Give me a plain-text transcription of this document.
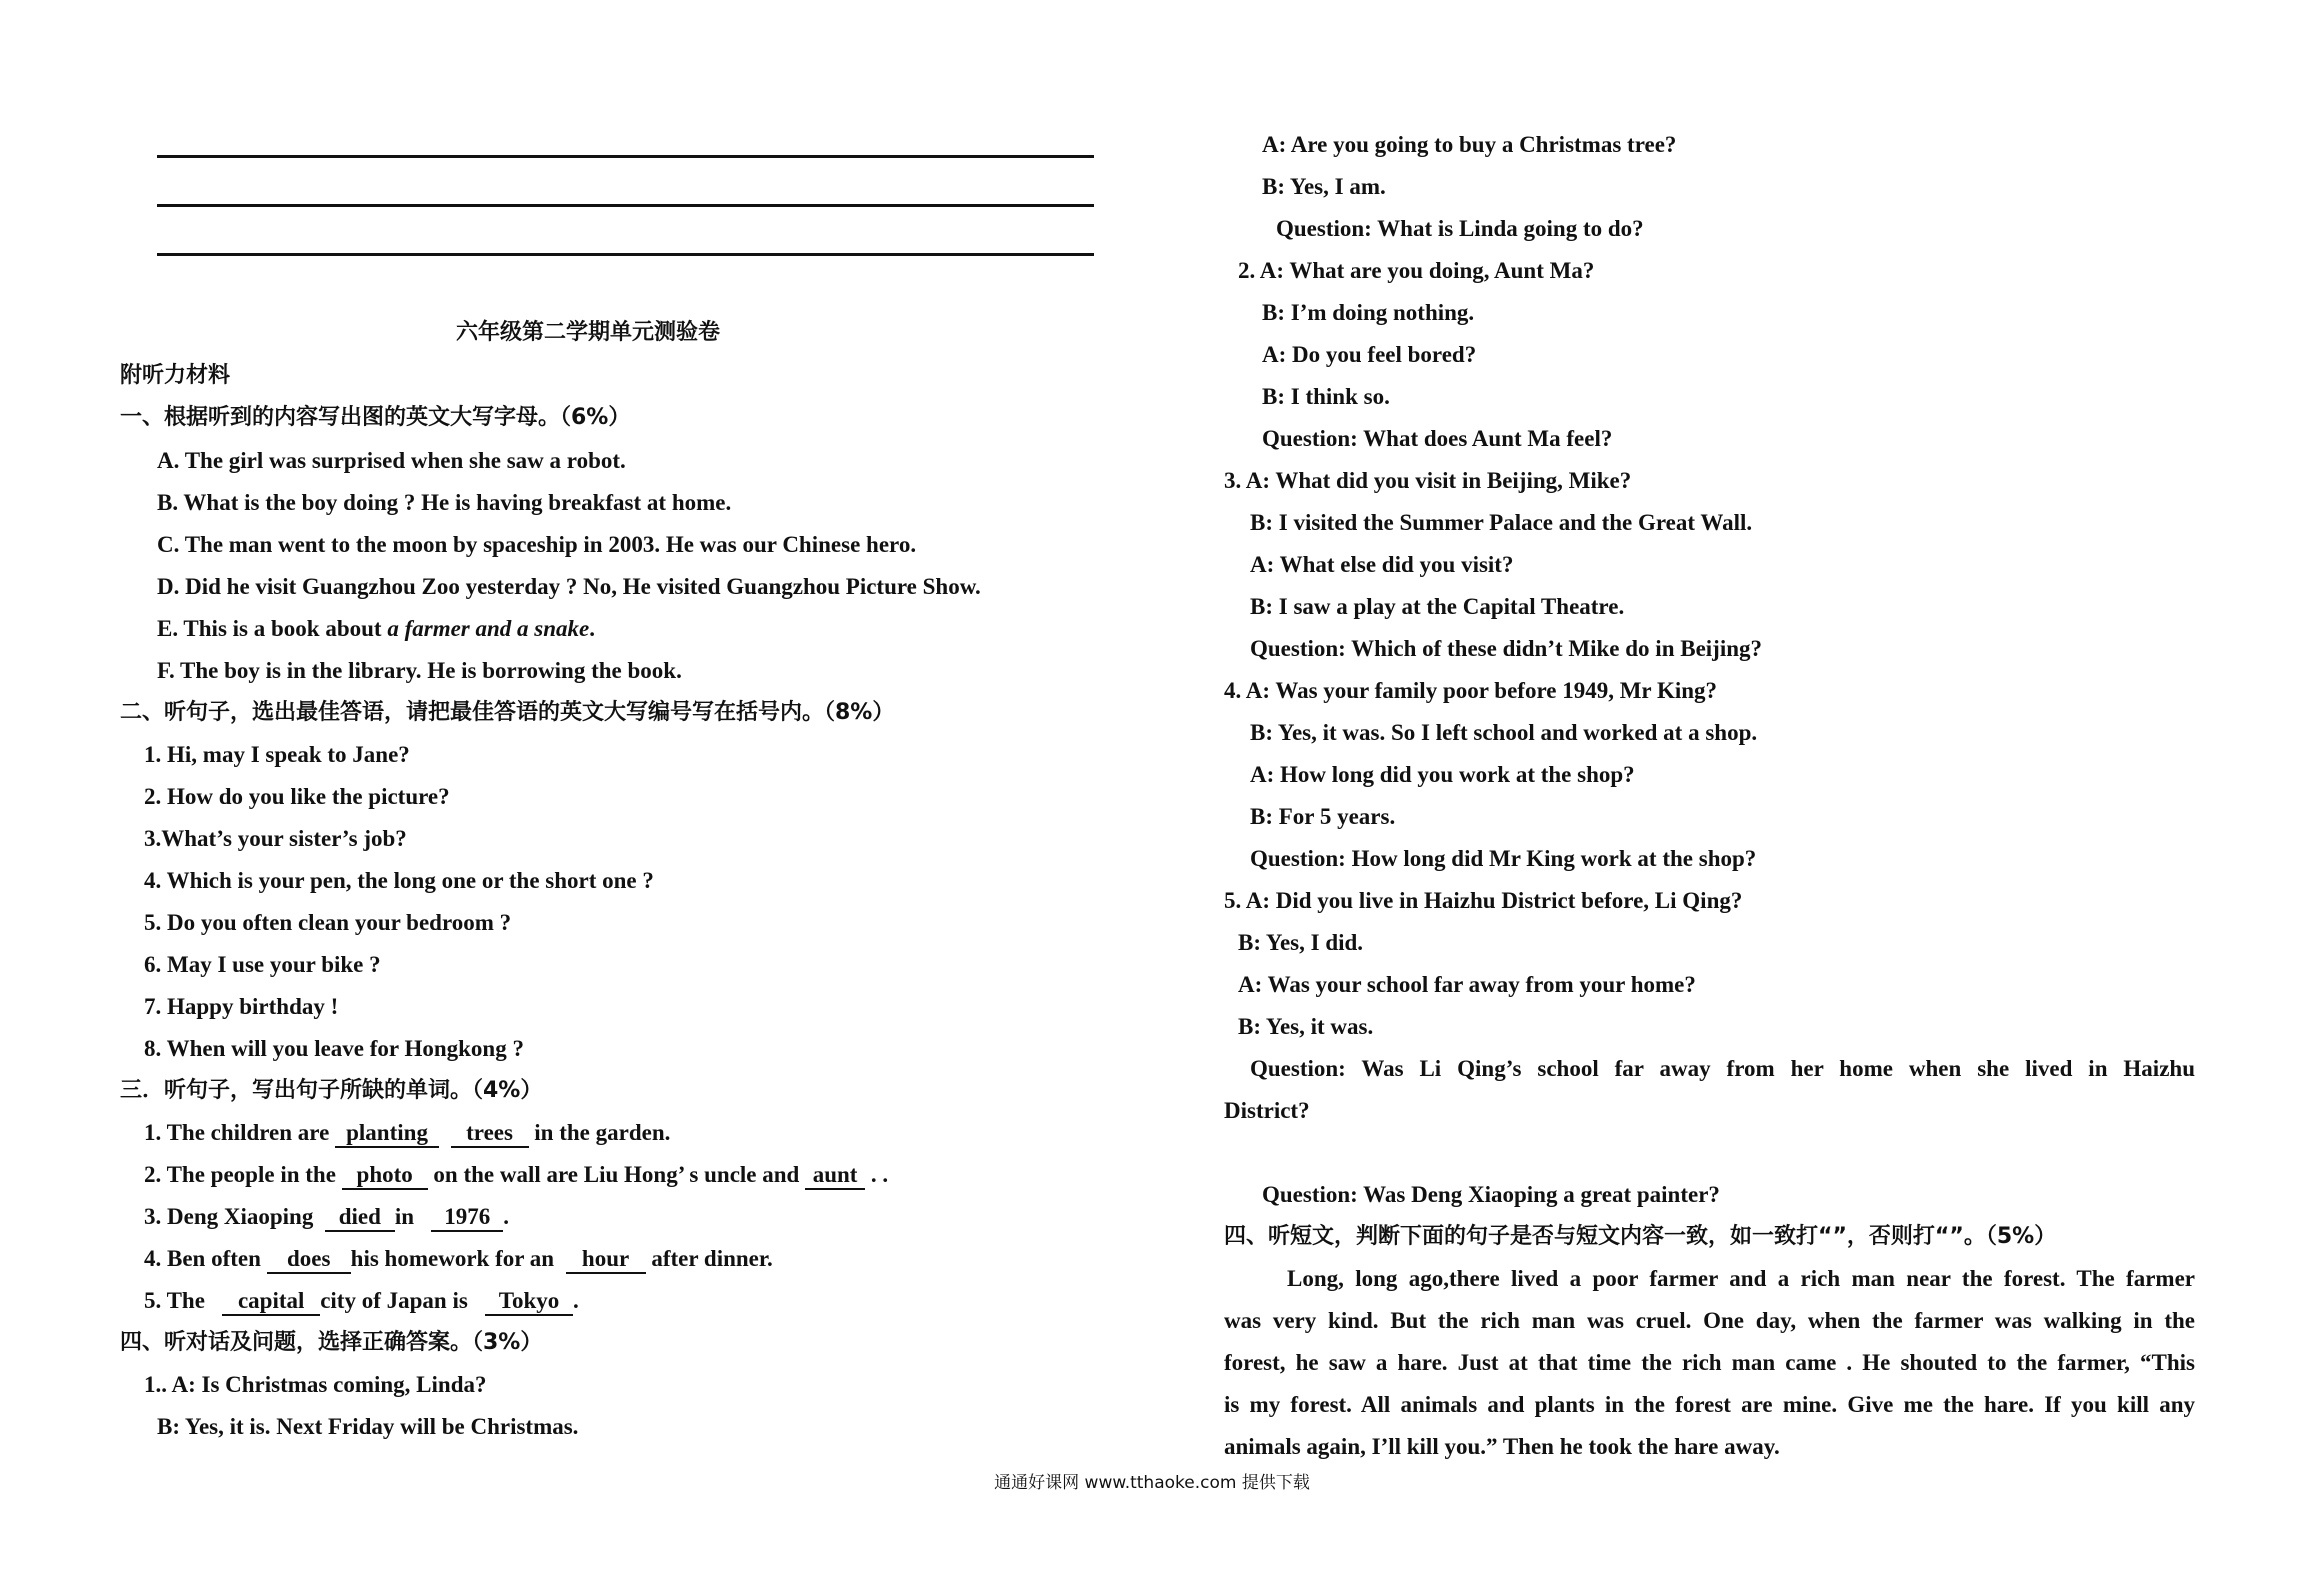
六年级第二学期单元测验卷
附听力材料
一、根据听到的内容写出图的英文大写字母。（6%）
A. The girl was surprised when she saw a robot.
B. What is the boy doing ? He is having breakfast at home.
C. The man went to the moon by spaceship in 2003. He was our Chinese hero.
D. Did he visit Guangzhou Zoo yesterday ? No, He visited Guangzhou Picture Show.
E. This is a book about a farmer and a snake.
F. The boy is in the library. He is borrowing the book.
二、听句子，选出最佳答语，请把最佳答语的英文大写编号写在括号内。（8%）
1. Hi, may I speak to Jane?
2. How do you like the picture?
3.What’s your sister’s job?
4. Which is your pen, the long one or the short one ?
5. Do you often clean your bedroom ?
6. May I use your bike ?
7. Happy birthday !
8. When will you leave for Hongkong ?
三．听句子，写出句子所缺的单词。（4%）
1. The children are planting trees in the garden.
2. The people in the photo on the wall are Liu Hong’ s uncle and aunt . .
3. Deng Xiaoping  died in   1976 .
4. Ben often does his homework for an  hour after dinner.
5. The   capital city of Japan is   Tokyo .
四、听对话及问题，选择正确答案。（3%）
1.. A: Is Christmas coming, Linda?
B: Yes, it is. Next Friday will be Christmas.
A: Are you going to buy a Christmas tree?
B: Yes, I am.
Question: What is Linda going to do?
2. A: What are you doing, Aunt Ma?
B: I’m doing nothing.
A: Do you feel bored?
B: I think so.
Question: What does Aunt Ma feel?
3. A: What did you visit in Beijing, Mike?
B: I visited the Summer Palace and the Great Wall.
A: What else did you visit?
B: I saw a play at the Capital Theatre.
Question: Which of these didn’t Mike do in Beijing?
4. A: Was your family poor before 1949, Mr King?
B: Yes, it was. So I left school and worked at a shop.
A: How long did you work at the shop?
B: For 5 years.
Question: How long did Mr King work at the shop?
5. A: Did you live in Haizhu District before, Li Qing?
B: Yes, I did.
A: Was your school far away from your home?
B: Yes, it was.
Question: Was Li Qing’s school far away from her home when she lived in Haizhu
District?
Question: Was Deng Xiaoping a great painter?
四、听短文，判断下面的句子是否与短文内容一致，如一致打“”，否则打“”。（5%）
Long, long ago,there lived a poor farmer and a rich man near the forest. The farmer
was very kind. But the rich man was cruel. One day, when the farmer was walking in the
forest, he saw a hare. Just at that time the rich man came . He shouted to the farmer, “This
is my forest. All animals and plants in the forest are mine. Give me the hare. If you kill any
animals again, I’ll kill you.” Then he took the hare away.
通通好课网 www.tthaoke.com 提供下载
